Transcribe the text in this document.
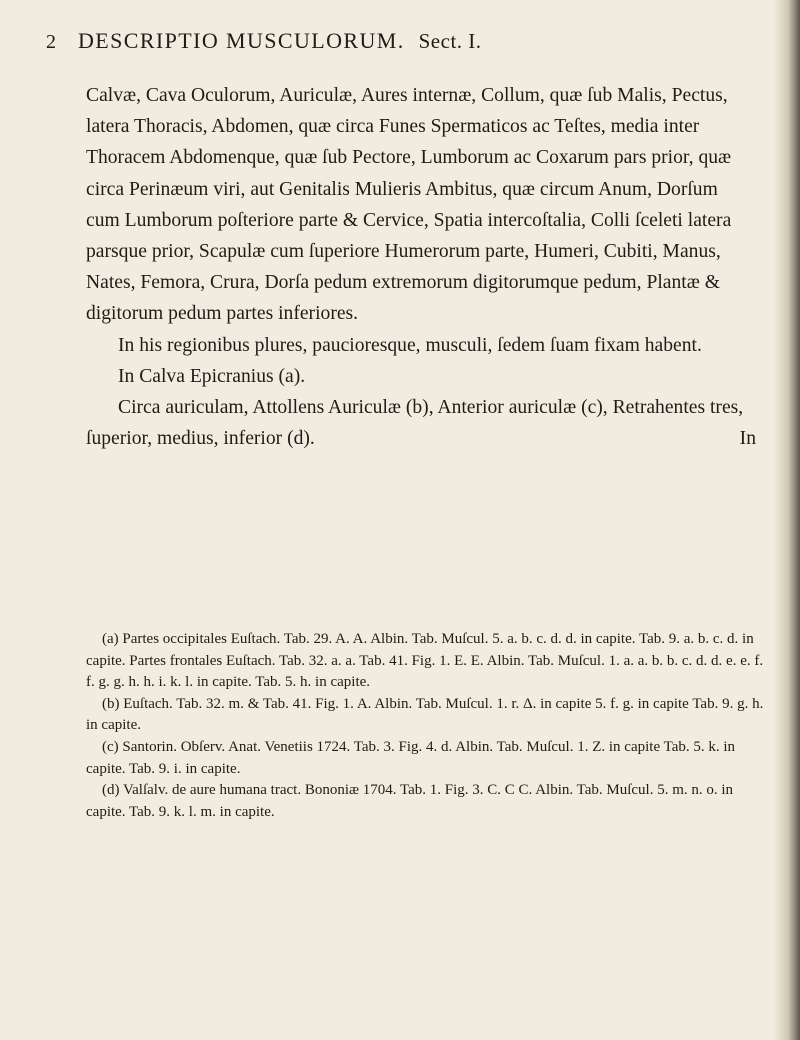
2 DESCRIPTIO MUSCULORUM. Sect. I.

Calvæ, Cava Oculorum, Auriculæ, Aures internæ, Collum, quæ ſub Malis, Pectus, latera Thoracis, Abdomen, quæ circa Funes Spermaticos ac Teſtes, media inter Thoracem Abdomenque, quæ ſub Pectore, Lumborum ac Coxarum pars prior, quæ circa Perinæum viri, aut Genitalis Mulieris Ambitus, quæ circum Anum, Dorſum cum Lumborum poſteriore parte & Cervice, Spatia intercoſtalia, Colli ſceleti latera parsque prior, Scapulæ cum ſuperiore Humerorum parte, Humeri, Cubiti, Manus, Nates, Femora, Crura, Dorſa pedum extremorum digitorumque pedum, Plantæ & digitorum pedum partes inferiores.

In his regionibus plures, paucioresque, musculi, ſedem ſuam fixam habent.

In Calva Epicranius (a).

Circa auriculam, Attollens Auriculæ (b), Anterior auriculæ (c), Retrahentes tres, ſuperior, medius, inferior (d).	In

(a) Partes occipitales Euſtach. Tab. 29. A. A. Albin. Tab. Muſcul. 5. a. b. c. d. d. in capite. Tab. 9. a. b. c. d. in capite. Partes frontales Euſtach. Tab. 32. a. a. Tab. 41. Fig. 1. E. E. Albin. Tab. Muſcul. 1. a. a. b. b. c. d. d. e. e. f. f. g. g. h. h. i. k. l. in capite. Tab. 5. h. in capite.

(b) Euſtach. Tab. 32. m. & Tab. 41. Fig. 1. A. Albin. Tab. Muſcul. 1. r. Δ. in capite 5. f. g. in capite Tab. 9. g. h. in capite.

(c) Santorin. Obſerv. Anat. Venetiis 1724. Tab. 3. Fig. 4. d. Albin. Tab. Muſcul. 1. Z. in capite Tab. 5. k. in capite. Tab. 9. i. in capite.

(d) Valſalv. de aure humana tract. Bononiæ 1704. Tab. 1. Fig. 3. C. C C. Albin. Tab. Muſcul. 5. m. n. o. in capite. Tab. 9. k. l. m. in capite.
